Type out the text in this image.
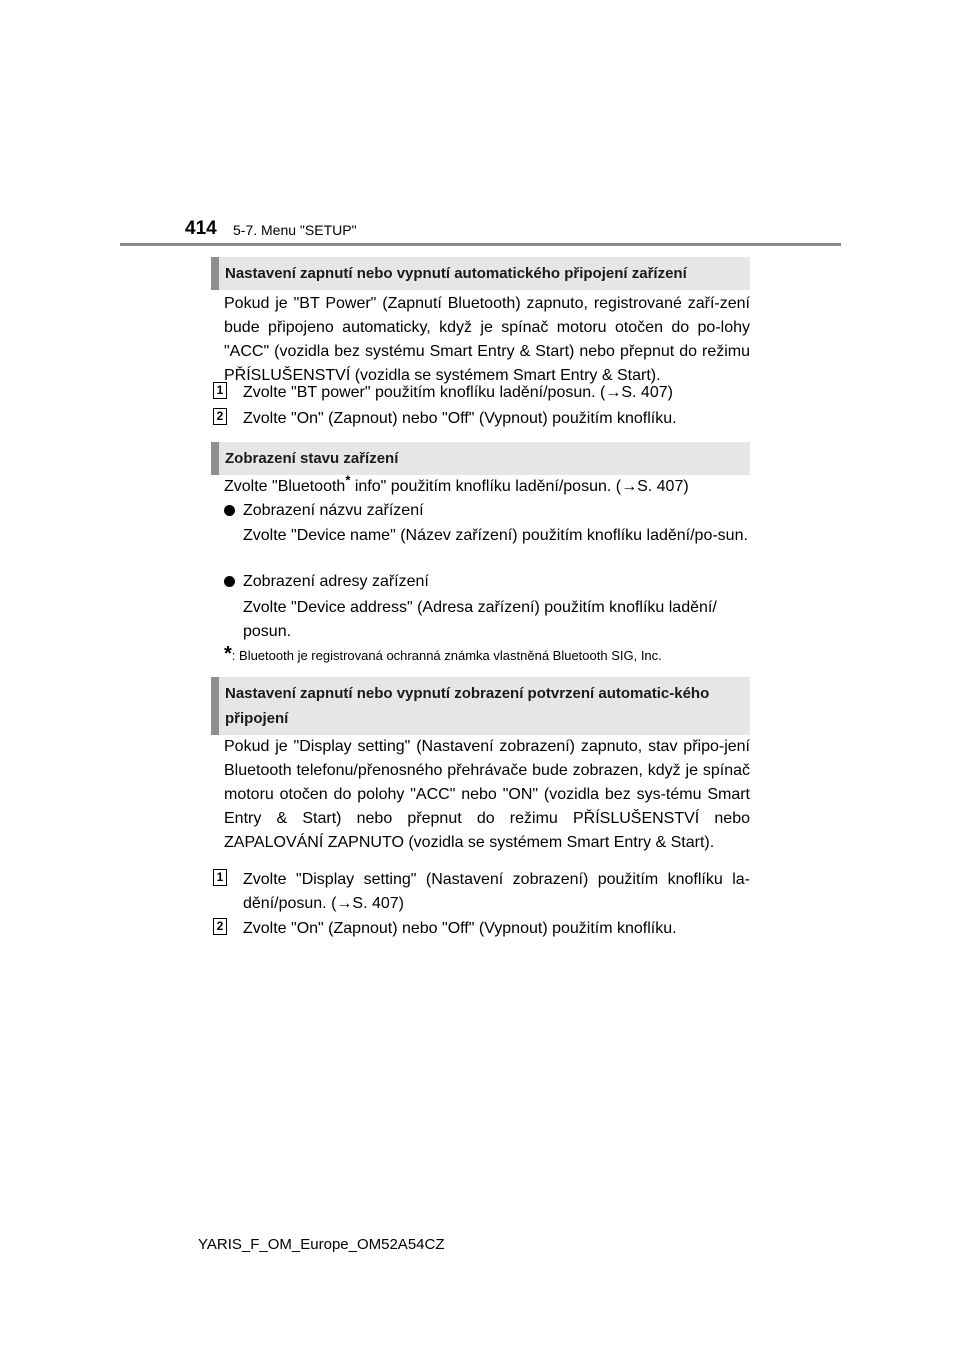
414 5-7. Menu "SETUP"
Nastavení zapnutí nebo vypnutí automatického připojení zařízení
Pokud je "BT Power" (Zapnutí Bluetooth) zapnuto, registrované zaří-zení bude připojeno automaticky, když je spínač motoru otočen do po-lohy "ACC" (vozidla bez systému Smart Entry & Start) nebo přepnut do režimu PŘÍSLUŠENSTVÍ (vozidla se systémem Smart Entry & Start).
1 Zvolte "BT power" použitím knoflíku ladění/posun. (→S. 407)
2 Zvolte "On" (Zapnout) nebo "Off" (Vypnout) použitím knoflíku.
Zobrazení stavu zařízení
Zvolte "Bluetooth* info" použitím knoflíku ladění/posun. (→S. 407)
Zobrazení názvu zařízení
Zvolte "Device name" (Název zařízení) použitím knoflíku ladění/po-sun.
Zobrazení adresy zařízení
Zvolte "Device address" (Adresa zařízení) použitím knoflíku ladění/ posun.
*: Bluetooth je registrovaná ochranná známka vlastněná Bluetooth SIG, Inc.
Nastavení zapnutí nebo vypnutí zobrazení potvrzení automatic-kého připojení
Pokud je "Display setting" (Nastavení zobrazení) zapnuto, stav připo-jení Bluetooth telefonu/přenosného přehrávače bude zobrazen, když je spínač motoru otočen do polohy "ACC" nebo "ON" (vozidla bez sys-tému Smart Entry & Start) nebo přepnut do režimu PŘÍSLUŠENSTVÍ nebo ZAPALOVÁNÍ ZAPNUTO (vozidla se systémem Smart Entry & Start).
1 Zvolte "Display setting" (Nastavení zobrazení) použitím knoflíku la-dění/posun. (→S. 407)
2 Zvolte "On" (Zapnout) nebo "Off" (Vypnout) použitím knoflíku.
YARIS_F_OM_Europe_OM52A54CZ
